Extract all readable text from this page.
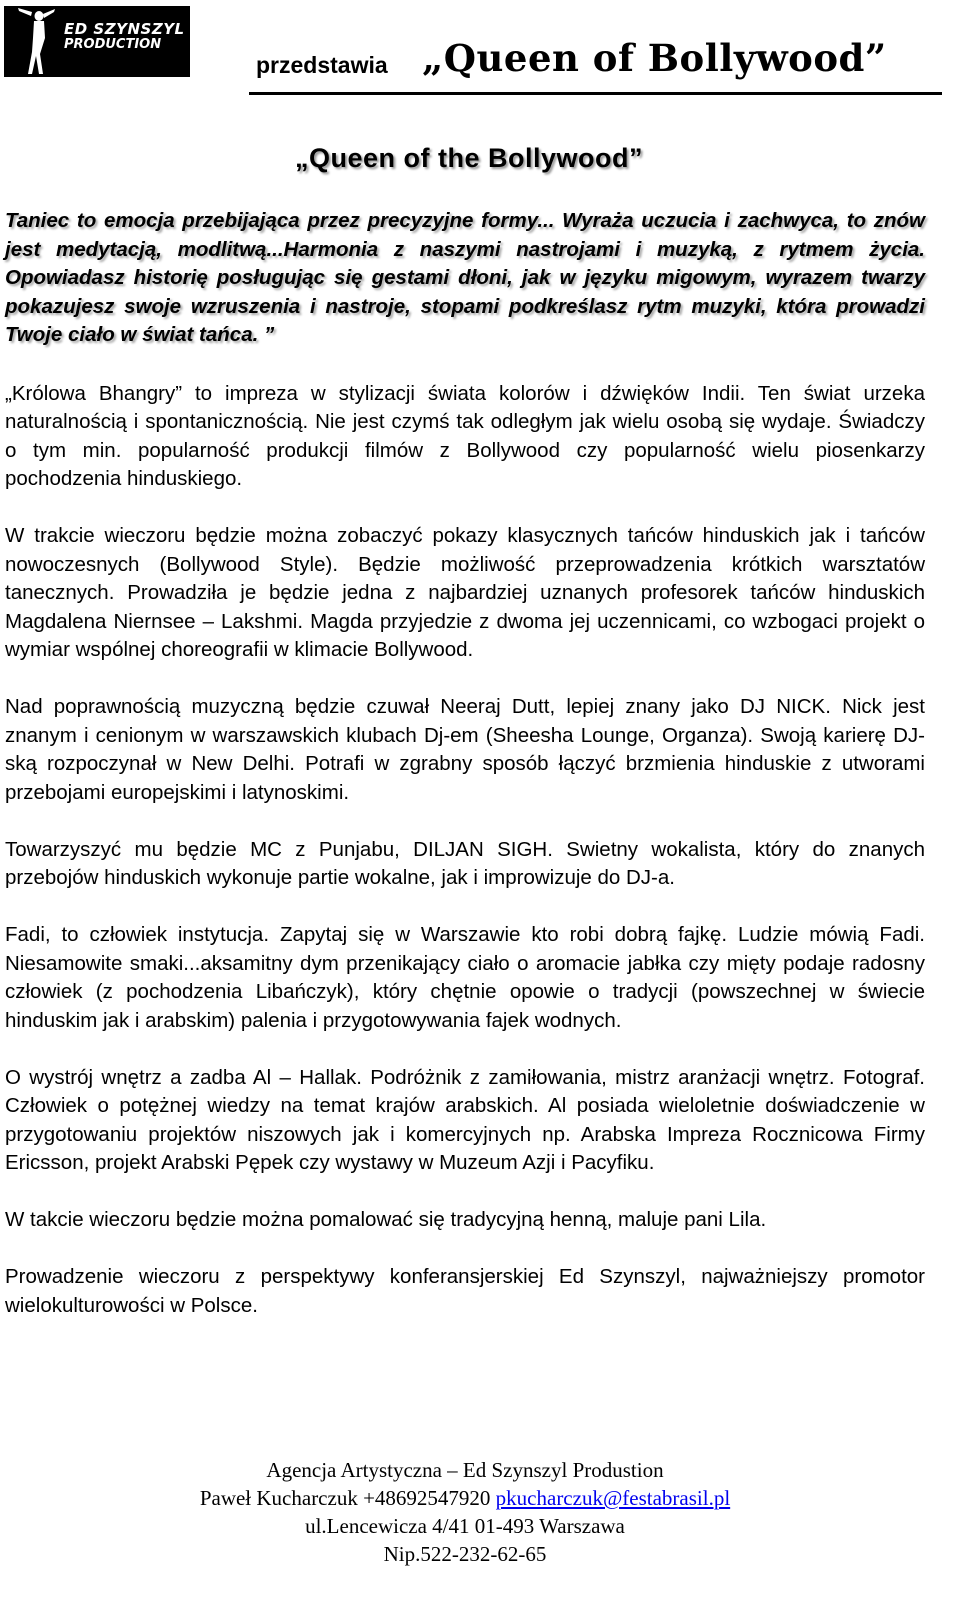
ED SZYNSZYL
PRODUCTION
przedstawia „Queen of Bollywood”
„Queen of the Bollywood”

Taniec to emocja przebijająca przez precyzyjne formy... Wyraża uczucia i zachwyca, to znów jest medytacją, modlitwą...Harmonia z naszymi nastrojami i muzyką, z rytmem życia. Opowiadasz historię posługując się gestami dłoni, jak w języku migowym, wyrazem twarzy pokazujesz swoje wzruszenia i nastroje, stopami podkreślasz rytm muzyki, która prowadzi Twoje ciało w świat tańca. ”

„Królowa Bhangry” to impreza w stylizacji świata kolorów i dźwięków Indii. Ten świat urzeka naturalnością i spontanicznością. Nie jest czymś tak odległym jak wielu osobą się wydaje. Świadczy o tym min. popularność produkcji filmów z Bollywood czy popularność wielu piosenkarzy pochodzenia hinduskiego.

W trakcie wieczoru będzie można zobaczyć pokazy klasycznych tańców hinduskich jak i tańców nowoczesnych (Bollywood Style). Będzie możliwość przeprowadzenia krótkich warsztatów tanecznych. Prowadziła je będzie jedna z najbardziej uznanych profesorek tańców hinduskich Magdalena Niernsee – Lakshmi. Magda przyjedzie z dwoma jej uczennicami, co wzbogaci projekt o wymiar wspólnej choreografii w klimacie Bollywood.

Nad poprawnością muzyczną będzie czuwał Neeraj Dutt, lepiej znany jako DJ NICK. Nick jest znanym i cenionym w warszawskich klubach Dj-em (Sheesha Lounge, Organza). Swoją karierę DJ-ską rozpoczynał w New Delhi. Potrafi w zgrabny sposób łączyć brzmienia hinduskie z utworami przebojami europejskimi i latynoskimi.

Towarzyszyć mu będzie MC z Punjabu, DILJAN SIGH. Swietny wokalista, który do znanych przebojów hinduskich wykonuje partie wokalne, jak i improwizuje do DJ-a.

Fadi, to człowiek instytucja. Zapytaj się w Warszawie kto robi dobrą fajkę. Ludzie mówią Fadi. Niesamowite smaki...aksamitny dym przenikający ciało o aromacie jabłka czy mięty podaje radosny człowiek (z pochodzenia Libańczyk), który chętnie opowie o tradycji (powszechnej w świecie hinduskim jak i arabskim) palenia i przygotowywania fajek wodnych.

O wystrój wnętrz a zadba Al – Hallak. Podróżnik z zamiłowania, mistrz aranżacji wnętrz. Fotograf. Człowiek o potężnej wiedzy na temat krajów arabskich. Al posiada wieloletnie doświadczenie w przygotowaniu projektów niszowych jak i komercyjnych np. Arabska Impreza Rocznicowa Firmy Ericsson, projekt Arabski Pępek czy wystawy w Muzeum Azji i Pacyfiku.

W takcie wieczoru będzie można pomalować się tradycyjną henną, maluje pani Lila.

Prowadzenie wieczoru z perspektywy konferansjerskiej Ed Szynszyl, najważniejszy promotor wielokulturowości w Polsce.

Agencja Artystyczna – Ed Szynszyl Produstion
Paweł Kucharczuk +48692547920 pkucharczuk@festabrasil.pl
ul.Lencewicza 4/41 01-493 Warszawa
Nip.522-232-62-65
